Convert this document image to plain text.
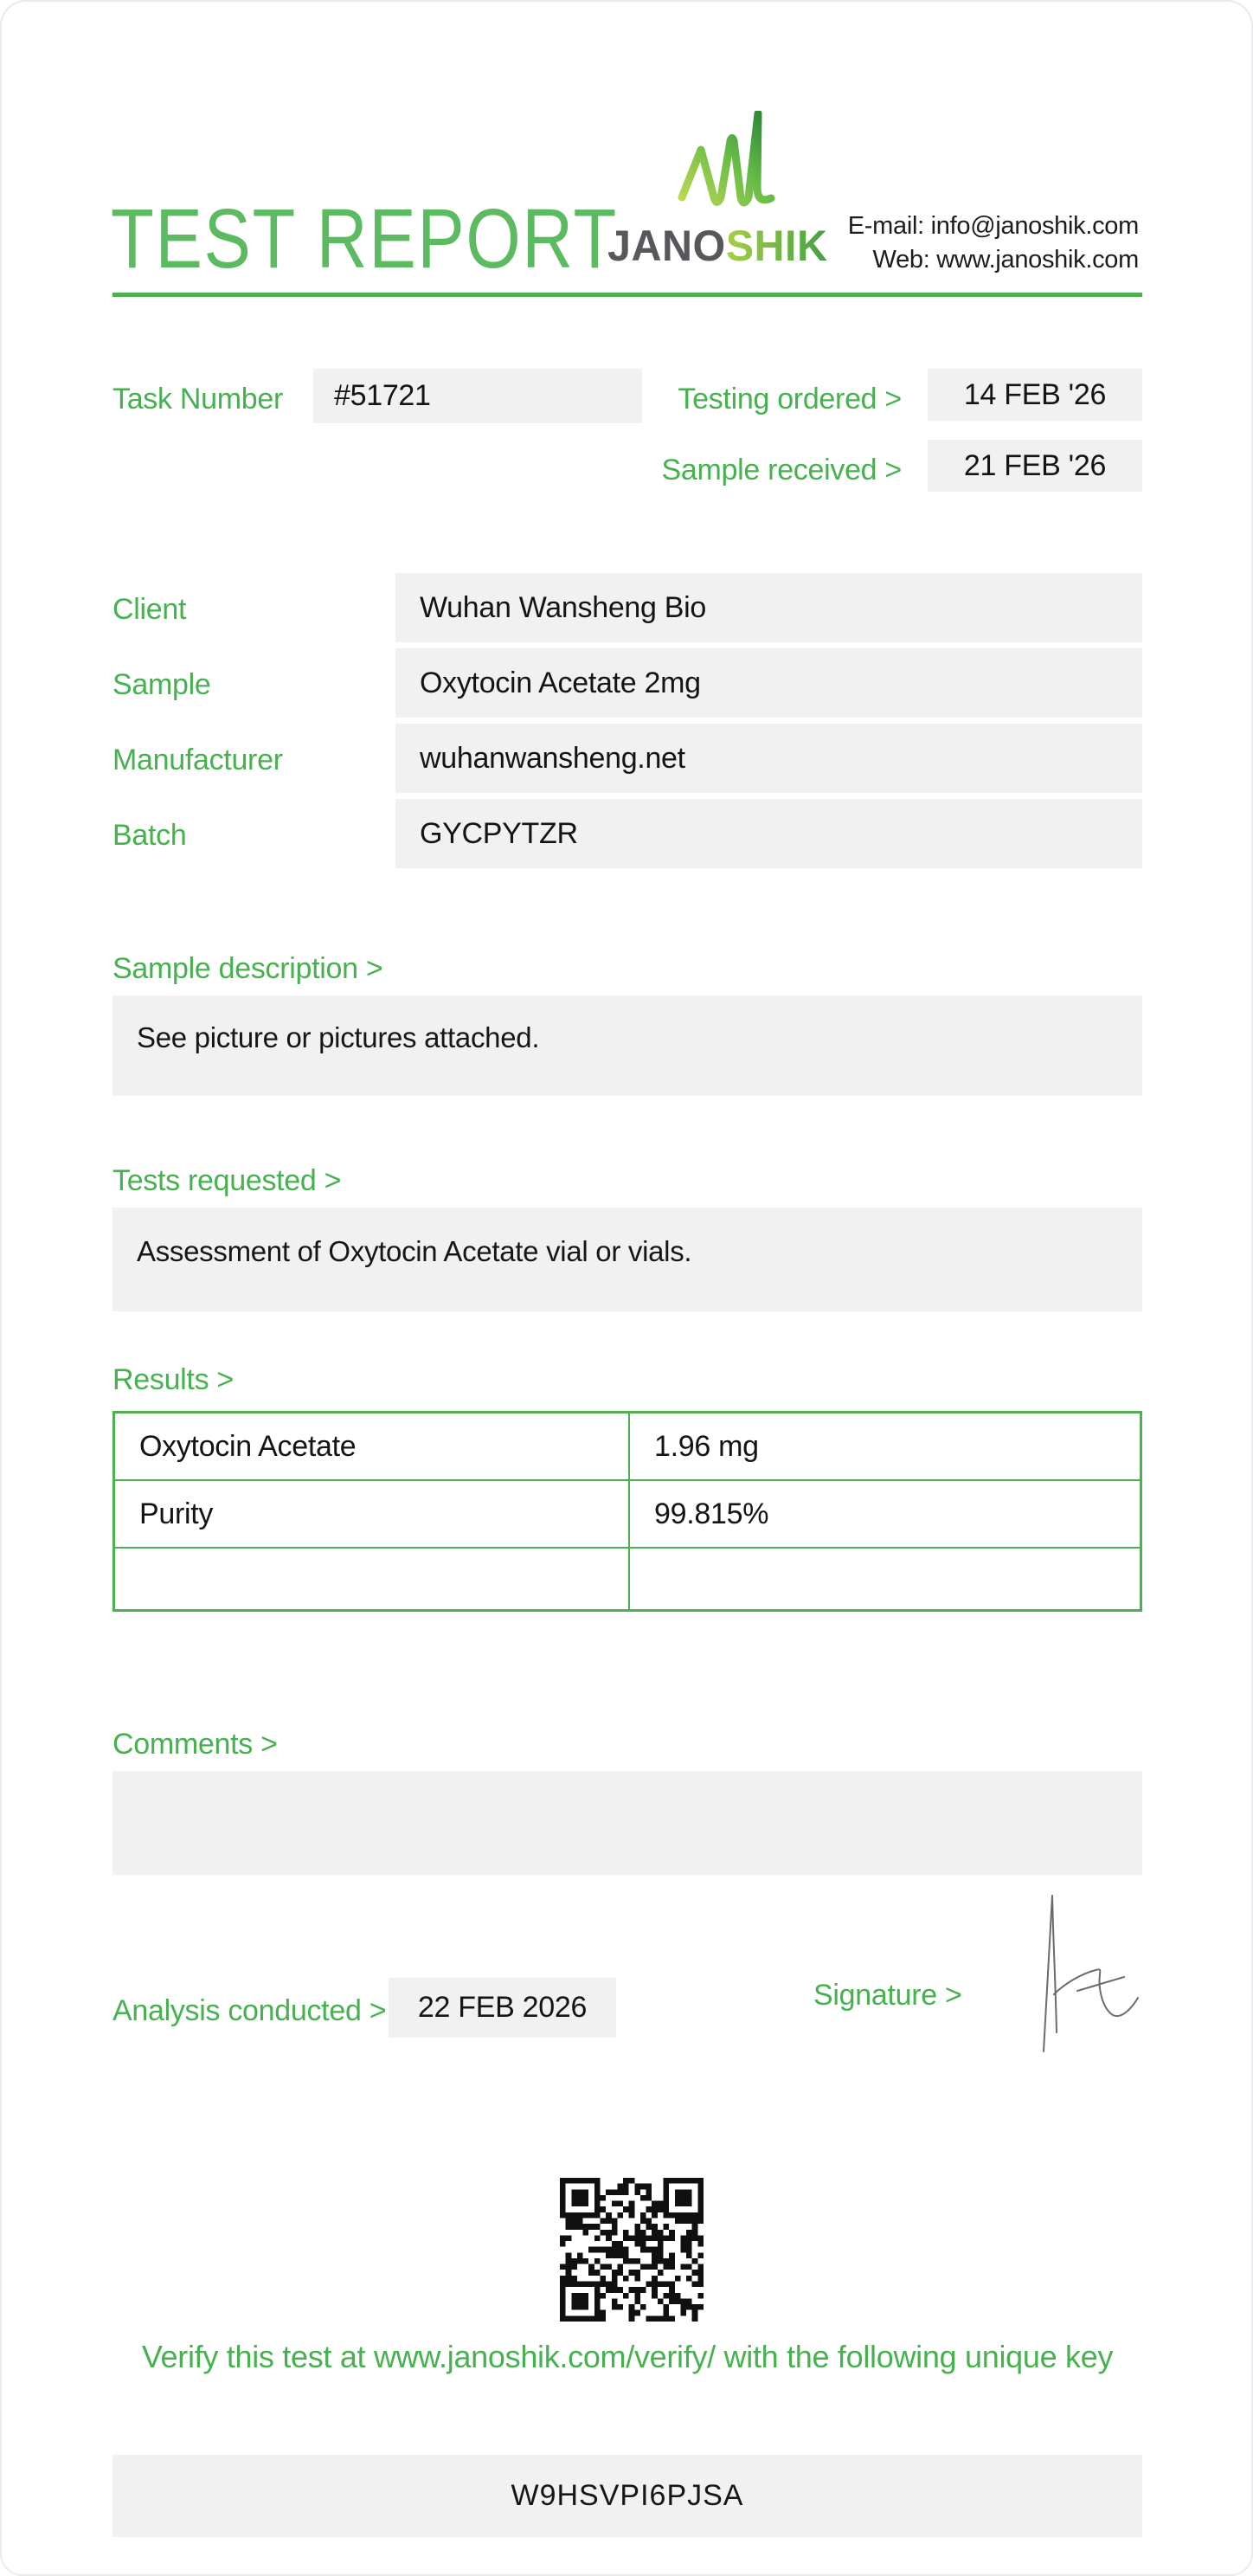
TEST REPORT
JANOSHIK E-mail: info@janoshik.com
Web: www.janoshik.com
Task Number	#51721	Testing ordered >	14 FEB '26
Sample received >	21 FEB '26
Client	Wuhan Wansheng Bio
Sample	Oxytocin Acetate 2mg
Manufacturer	wuhanwansheng.net
Batch	GYCPYTZR
Sample description >
See picture or pictures attached.
Tests requested >
Assessment of Oxytocin Acetate vial or vials.
Results >
Oxytocin Acetate	1.96 mg
Purity	99.815%
Comments >
Analysis conducted >	22 FEB 2026	Signature >
Verify this test at www.janoshik.com/verify/ with the following unique key
W9HSVPI6PJSA
